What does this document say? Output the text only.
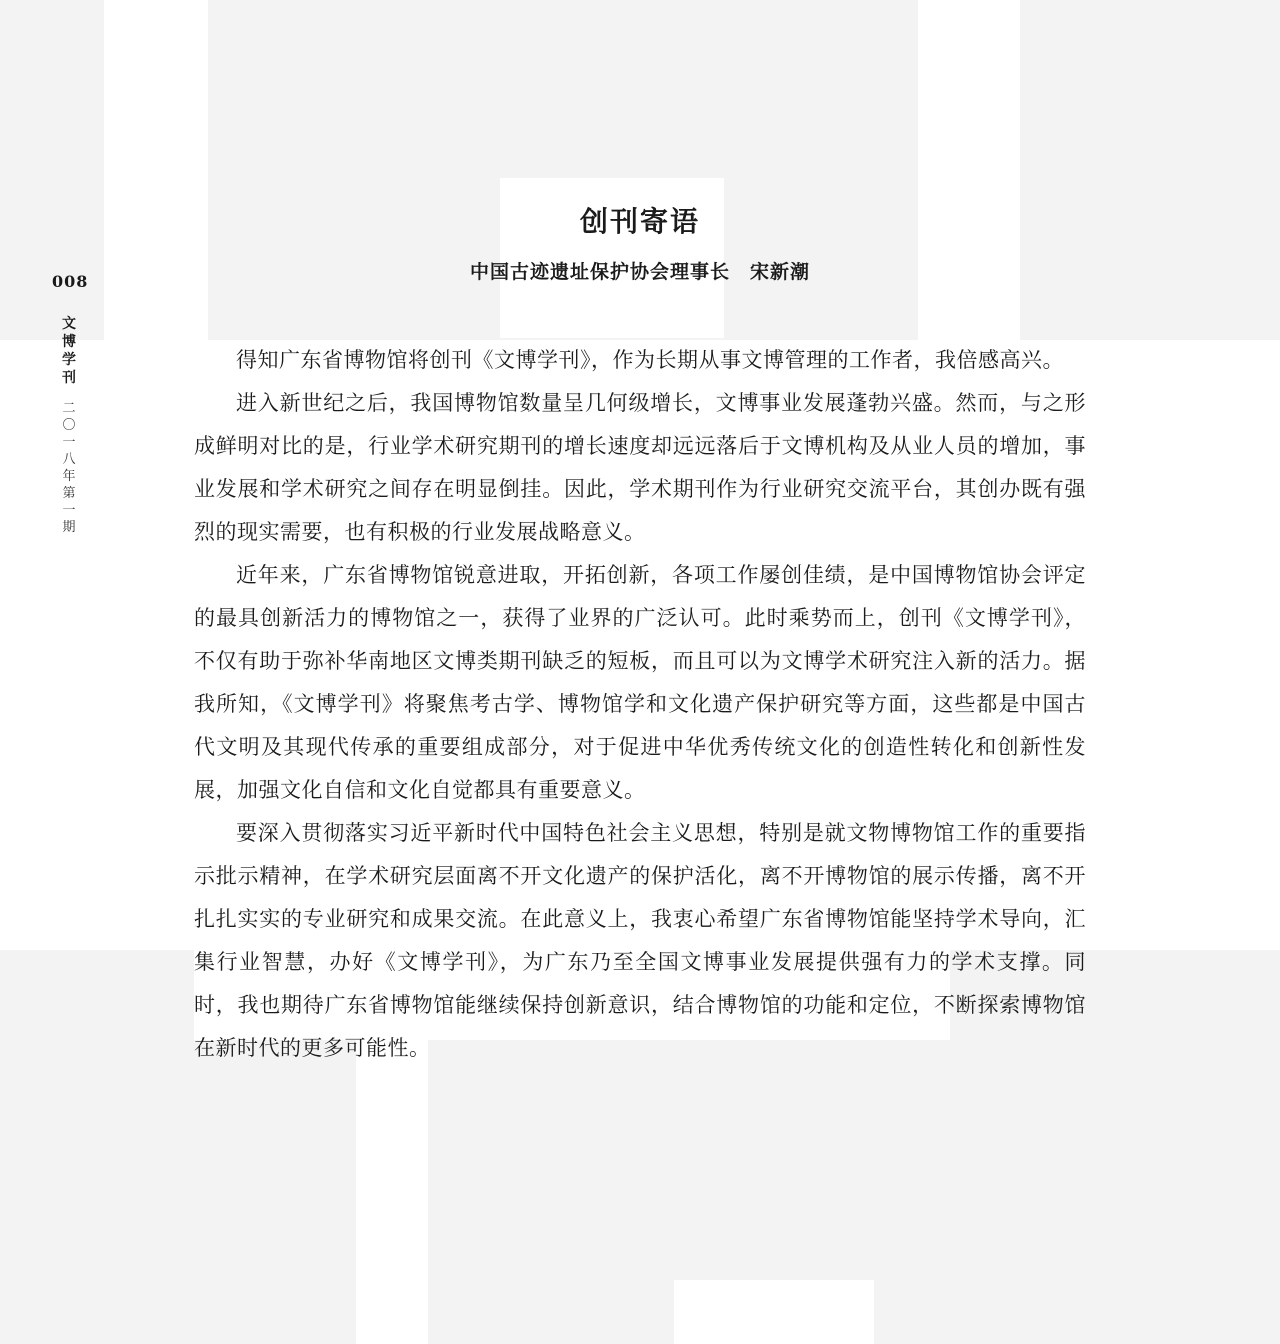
008
文博学刊
二〇一八年第一期
创刊寄语
中国古迹遗址保护协会理事长　宋新潮

得知广东省博物馆将创刊《文博学刊》，作为长期从事文博管理的工作者，我倍感高兴。

进入新世纪之后，我国博物馆数量呈几何级增长，文博事业发展蓬勃兴盛。然而，与之形成鲜明对比的是，行业学术研究期刊的增长速度却远远落后于文博机构及从业人员的增加，事业发展和学术研究之间存在明显倒挂。因此，学术期刊作为行业研究交流平台，其创办既有强烈的现实需要，也有积极的行业发展战略意义。

近年来，广东省博物馆锐意进取，开拓创新，各项工作屡创佳绩，是中国博物馆协会评定的最具创新活力的博物馆之一，获得了业界的广泛认可。此时乘势而上，创刊《文博学刊》，不仅有助于弥补华南地区文博类期刊缺乏的短板，而且可以为文博学术研究注入新的活力。据我所知，《文博学刊》将聚焦考古学、博物馆学和文化遗产保护研究等方面，这些都是中国古代文明及其现代传承的重要组成部分，对于促进中华优秀传统文化的创造性转化和创新性发展，加强文化自信和文化自觉都具有重要意义。

要深入贯彻落实习近平新时代中国特色社会主义思想，特别是就文物博物馆工作的重要指示批示精神，在学术研究层面离不开文化遗产的保护活化，离不开博物馆的展示传播，离不开扎扎实实的专业研究和成果交流。在此意义上，我衷心希望广东省博物馆能坚持学术导向，汇集行业智慧，办好《文博学刊》，为广东乃至全国文博事业发展提供强有力的学术支撑。同时，我也期待广东省博物馆能继续保持创新意识，结合博物馆的功能和定位，不断探索博物馆在新时代的更多可能性。
